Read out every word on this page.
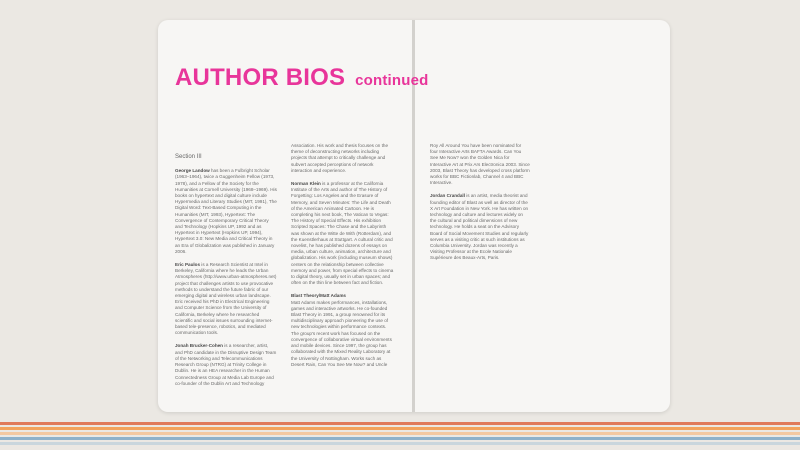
AUTHOR BIOS continued
Section III

George Landow has been a Fulbright Scholar (1963–1964), twice a Guggenheim Fellow (1973, 1978), and a Fellow of the Society for the Humanities at Cornell University (1968–1969). His books on hypertext and digital culture include Hypermedia and Literary Studies (MIT, 1991), The Digital Word: Text-Based Computing in the Humanities (MIT, 1993), Hypertext: The Convergence of Contemporary Critical Theory and Technology (Hopkins UP, 1992 and as Hypertext in Hypertext (Hopkins UP, 1994), Hypertext 3.0: New Media and Critical Theory in an Era of Globalization was published in January 2006.

Eric Paulos is a Research Scientist at Intel in Berkeley, California where he leads the Urban Atmospheres (http://www.urban-atmospheres.net) project that challenges artists to use provocative methods to understand the future fabric of our emerging digital and wireless urban landscape. Eric received his PhD in Electrical Engineering and Computer Science from the University of California, Berkeley where he researched scientific and social issues surrounding internet-based tele-presence, robotics, and mediated communication tools.

Jonah Brucker-Cohen is a researcher, artist, and PhD candidate in the Disruptive Design Team of the Networking and Telecommunications Research Group (NTRG) at Trinity College in Dublin. He is an HEA researcher in the Human Connectedness Group at Media Lab Europe and co-founder of the Dublin Art and Technology

Association. His work and thesis focuses on the theme of deconstructing networks including projects that attempt to critically challenge and subvert accepted perceptions of network interaction and experience.

Norman Klein is a professor at the California Institute of the Arts and author of The History of Forgetting: Los Angeles and the Erasure of Memory, and Seven Minutes: The Life and Death of the American Animated Cartoon. He is completing his next book, The Vatican to Vegas: The History of Special Effects. His exhibition Scripted Spaces: The Chase and the Labyrinth was shown at the Witte de With (Rotterdam), and the Kuenstlerhaus at Stuttgart. A cultural critic and novelist, he has published dozens of essays on media, urban culture, animation, architecture and globalization. His work (including museum shows) centers on the relationship between collective memory and power, from special effects to cinema to digital theory, usually set in urban spaces; and often on the thin line between fact and fiction.

Blast Theory/Matt Adams
Matt Adams makes performances, installations, games and interactive artworks. He co-founded Blast Theory in 1991, a group renowned for its multidisciplinary approach pioneering the use of new technologies within performance contexts. The group's recent work has focused on the convergence of collaborative virtual environments and mobile devices. Since 1997, the group has collaborated with the Mixed Reality Laboratory at the University of Nottingham. Works such as Desert Rain, Can You See Me Now? and Uncle

Roy All Around You have been nominated for four Interactive Arts BAFTA Awards. Can You See Me Now? won the Golden Nica for Interactive Art at Prix Ars Electronica 2003. Since 2003, Blast Theory has developed cross platform works for BBC Fictionlab, Channel 4 and BBC Interactive.

Jordan Crandall is an artist, media theorist and founding editor of Blast as well as director of the X Art Foundation in New York. He has written on technology and culture and lectures widely on the cultural and political dimensions of new technology. He holds a seat on the Advisory Board of Social Movement Studies and regularly serves as a visiting critic at such institutions as Columbia University. Jordan was recently a Visiting Professor at the Ecole Nationale Supérieure des Beaux-Arts, Paris.
